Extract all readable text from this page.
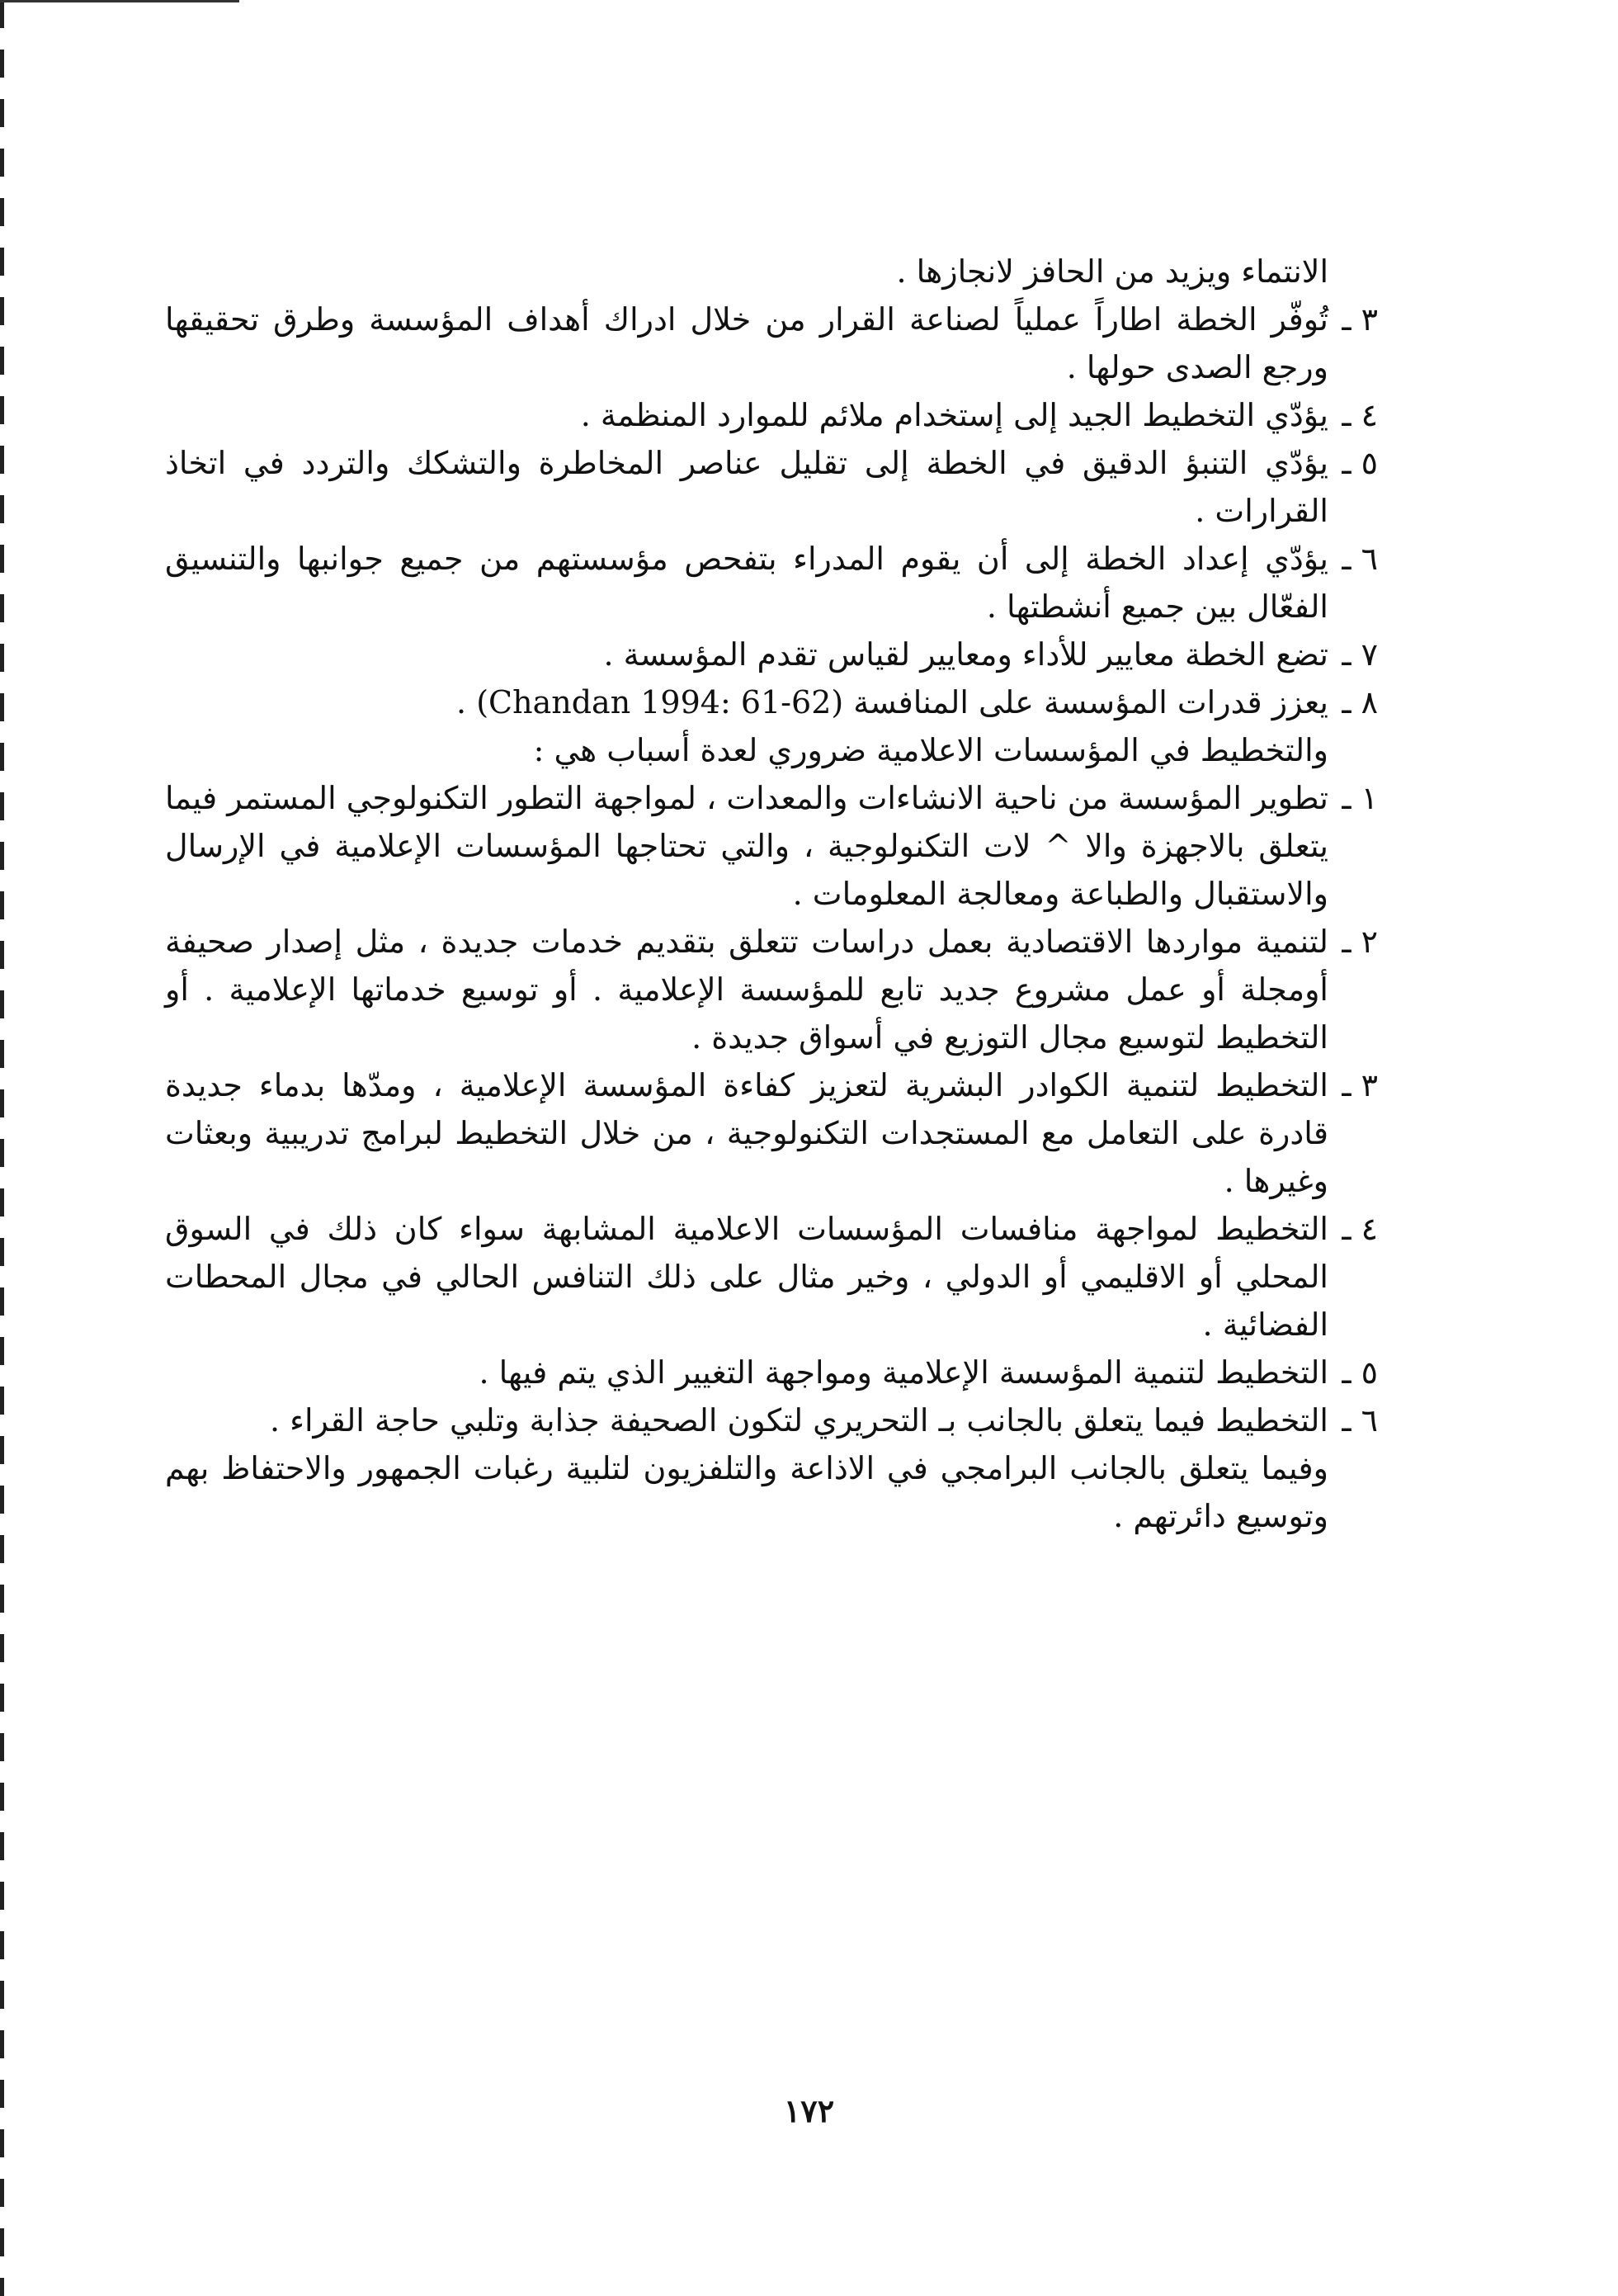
الانتماء ويزيد من الحافز لانجازها .

٣ ـ
تُوفّر الخطة اطاراً عملياً لصناعة القرار من خلال ادراك أهداف المؤسسة وطرق تحقيقها ورجع الصدى حولها .

٤ ـ
يؤدّي التخطيط الجيد إلى إستخدام ملائم للموارد المنظمة .

٥ ـ
يؤدّي التنبؤ الدقيق في الخطة إلى تقليل عناصر المخاطرة والتشكك والتردد في اتخاذ القرارات .

٦ ـ
يؤدّي إعداد الخطة إلى أن يقوم المدراء بتفحص مؤسستهم من جميع جوانبها والتنسيق الفعّال بين جميع أنشطتها .

٧ ـ
تضع الخطة معايير للأداء ومعايير لقياس تقدم المؤسسة .

٨ ـ
يعزز قدرات المؤسسة على المنافسة (Chandan 1994: 61-62) .

والتخطيط في المؤسسات الاعلامية ضروري لعدة أسباب هي :

١ ـ
تطوير المؤسسة من ناحية الانشاءات والمعدات ، لمواجهة التطور التكنولوجي المستمر فيما يتعلق بالاجهزة والا ^ لات التكنولوجية ، والتي تحتاجها المؤسسات الإعلامية في الإرسال والاستقبال والطباعة ومعالجة المعلومات .

٢ ـ
لتنمية مواردها الاقتصادية بعمل دراسات تتعلق بتقديم خدمات جديدة ، مثل إصدار صحيفة أومجلة أو عمل مشروع جديد تابع للمؤسسة الإعلامية . أو توسيع خدماتها الإعلامية . أو التخطيط لتوسيع مجال التوزيع في أسواق جديدة .

٣ ـ
التخطيط لتنمية الكوادر البشرية لتعزيز كفاءة المؤسسة الإعلامية ، ومدّها بدماء جديدة قادرة على التعامل مع المستجدات التكنولوجية ، من خلال التخطيط لبرامج تدريبية وبعثات وغيرها .

٤ ـ
التخطيط لمواجهة منافسات المؤسسات الاعلامية المشابهة سواء كان ذلك في السوق المحلي أو الاقليمي أو الدولي ، وخير مثال على ذلك التنافس الحالي في مجال المحطات الفضائية .

٥ ـ
التخطيط لتنمية المؤسسة الإعلامية ومواجهة التغيير الذي يتم فيها .

٦ ـ
التخطيط فيما يتعلق بالجانب بـ التحريري لتكون الصحيفة جذابة وتلبي حاجة القراء .

وفيما يتعلق بالجانب البرامجي في الاذاعة والتلفزيون لتلبية رغبات الجمهور والاحتفاظ بهم وتوسيع دائرتهم .

١٧٢
